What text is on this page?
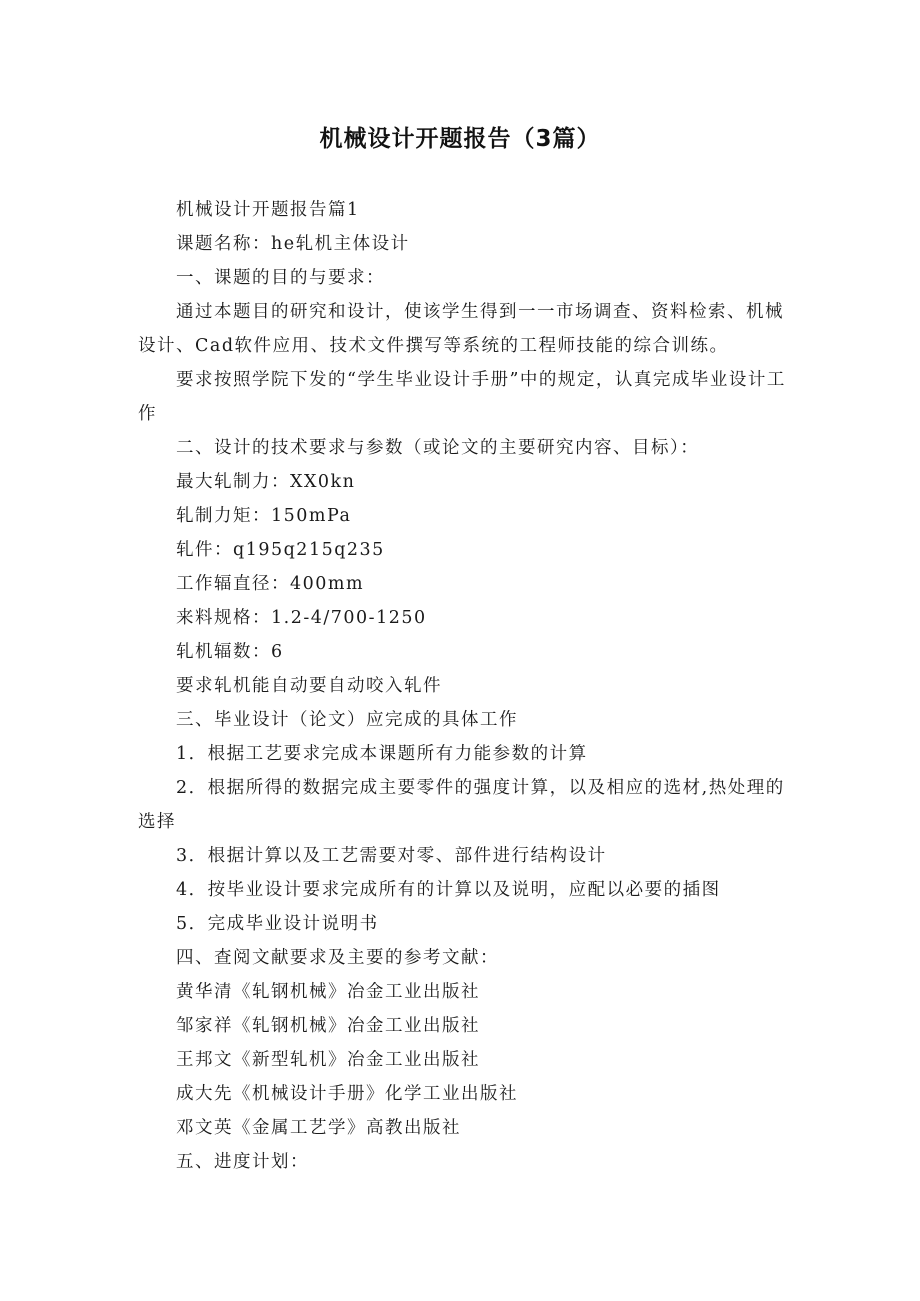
机械设计开题报告（3篇）

机械设计开题报告篇1

课题名称：he轧机主体设计

一、课题的目的与要求：

通过本题目的研究和设计，使该学生得到一一市场调查、资料检索、机械设计、Cad软件应用、技术文件撰写等系统的工程师技能的综合训练。

要求按照学院下发的“学生毕业设计手册”中的规定，认真完成毕业设计工作

二、设计的技术要求与参数（或论文的主要研究内容、目标）：

最大轧制力：XX0kn

轧制力矩：150mPa

轧件：q195q215q235

工作辐直径：400mm

来料规格：1.2-4/700-1250

轧机辐数：6

要求轧机能自动要自动咬入轧件

三、毕业设计（论文）应完成的具体工作

1．根据工艺要求完成本课题所有力能参数的计算

2．根据所得的数据完成主要零件的强度计算，以及相应的选材,热处理的选择

3．根据计算以及工艺需要对零、部件进行结构设计

4．按毕业设计要求完成所有的计算以及说明，应配以必要的插图

5．完成毕业设计说明书

四、查阅文献要求及主要的参考文献：

黄华清《轧钢机械》冶金工业出版社

邹家祥《轧钢机械》冶金工业出版社

王邦文《新型轧机》冶金工业出版社

成大先《机械设计手册》化学工业出版社

邓文英《金属工艺学》高教出版社

五、进度计划：
